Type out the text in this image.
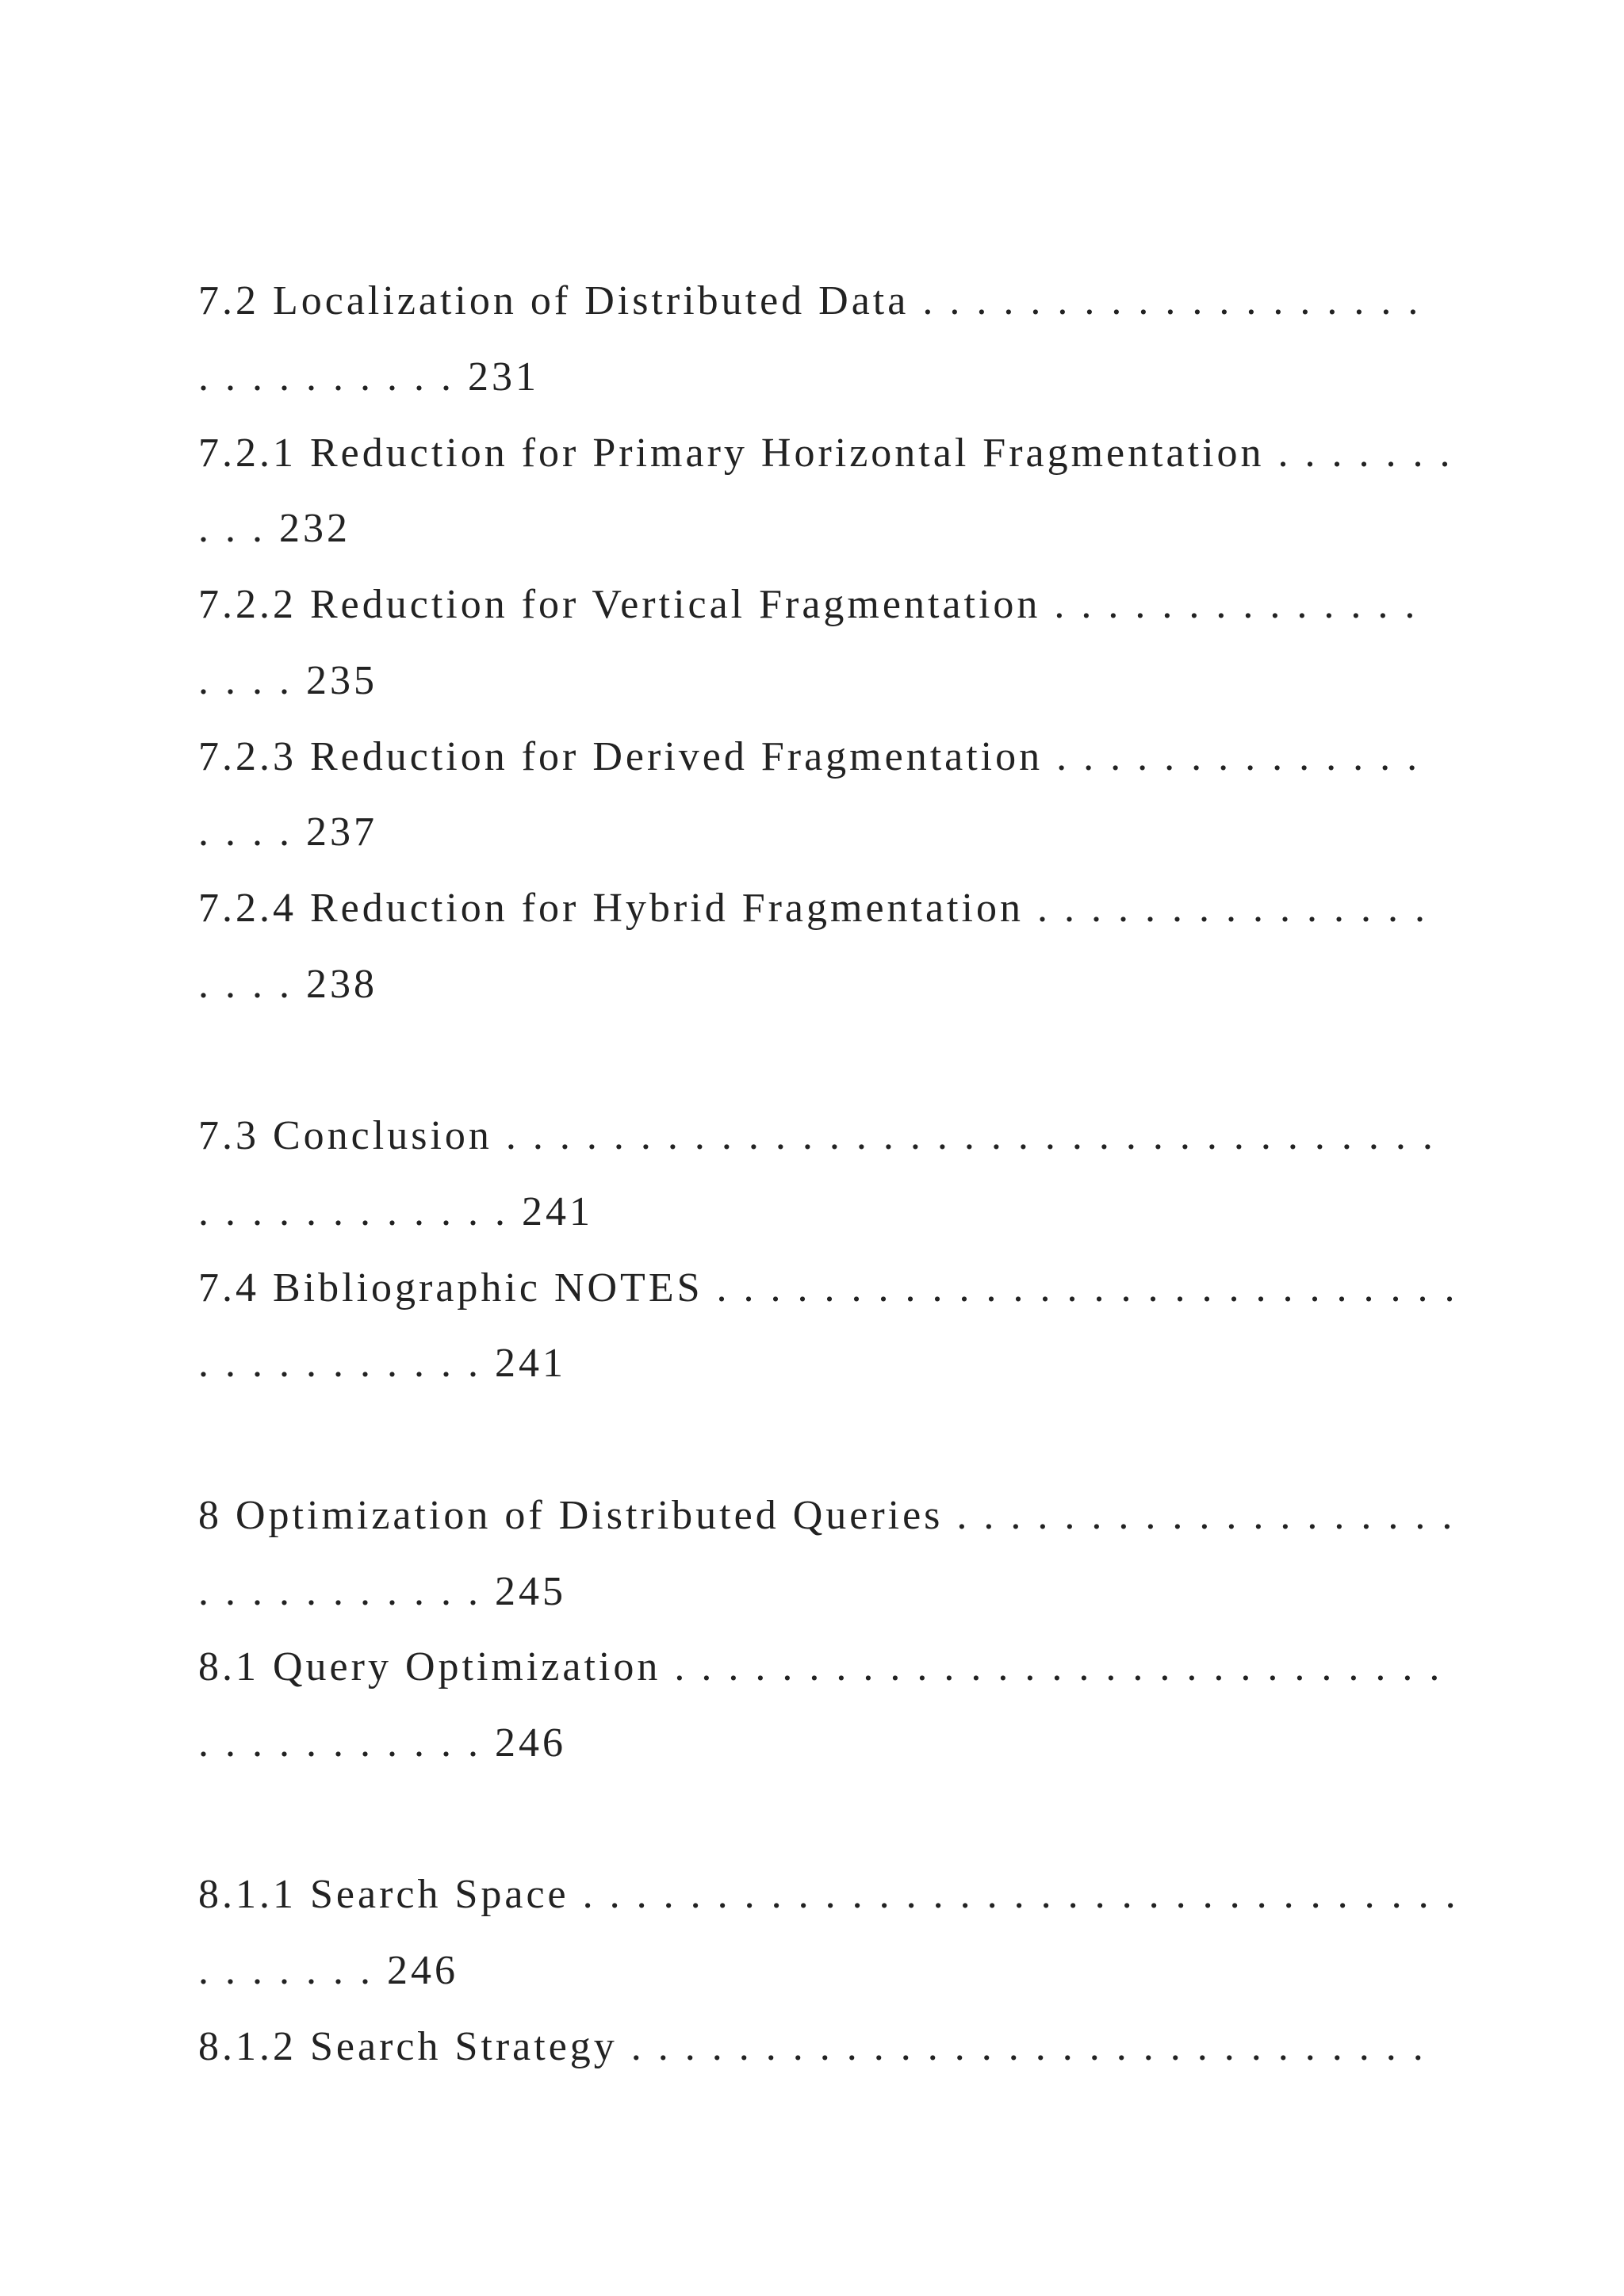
7.2 Localization of Distributed Data . . . . . . . . . . . . . . . . . . .

. . . . . . . . . . 231

7.2.1 Reduction for Primary Horizontal Fragmentation . . . . . . .

. . . 232

7.2.2 Reduction for Vertical Fragmentation . . . . . . . . . . . . . .

. . . . 235

7.2.3 Reduction for Derived Fragmentation . . . . . . . . . . . . . .

. . . . 237

7.2.4 Reduction for Hybrid Fragmentation . . . . . . . . . . . . . . .

. . . . 238

7.3 Conclusion . . . . . . . . . . . . . . . . . . . . . . . . . . . . . . . . . . .

. . . . . . . . . . . . 241

7.4 Bibliographic NOTES . . . . . . . . . . . . . . . . . . . . . . . . . . . .

. . . . . . . . . . . 241

8 Optimization of Distributed Queries . . . . . . . . . . . . . . . . . . .

. . . . . . . . . . . 245

8.1 Query Optimization . . . . . . . . . . . . . . . . . . . . . . . . . . . . .

. . . . . . . . . . . 246

8.1.1 Search Space . . . . . . . . . . . . . . . . . . . . . . . . . . . . . . . . .

. . . . . . . 246

8.1.2 Search Strategy . . . . . . . . . . . . . . . . . . . . . . . . . . . . . .
